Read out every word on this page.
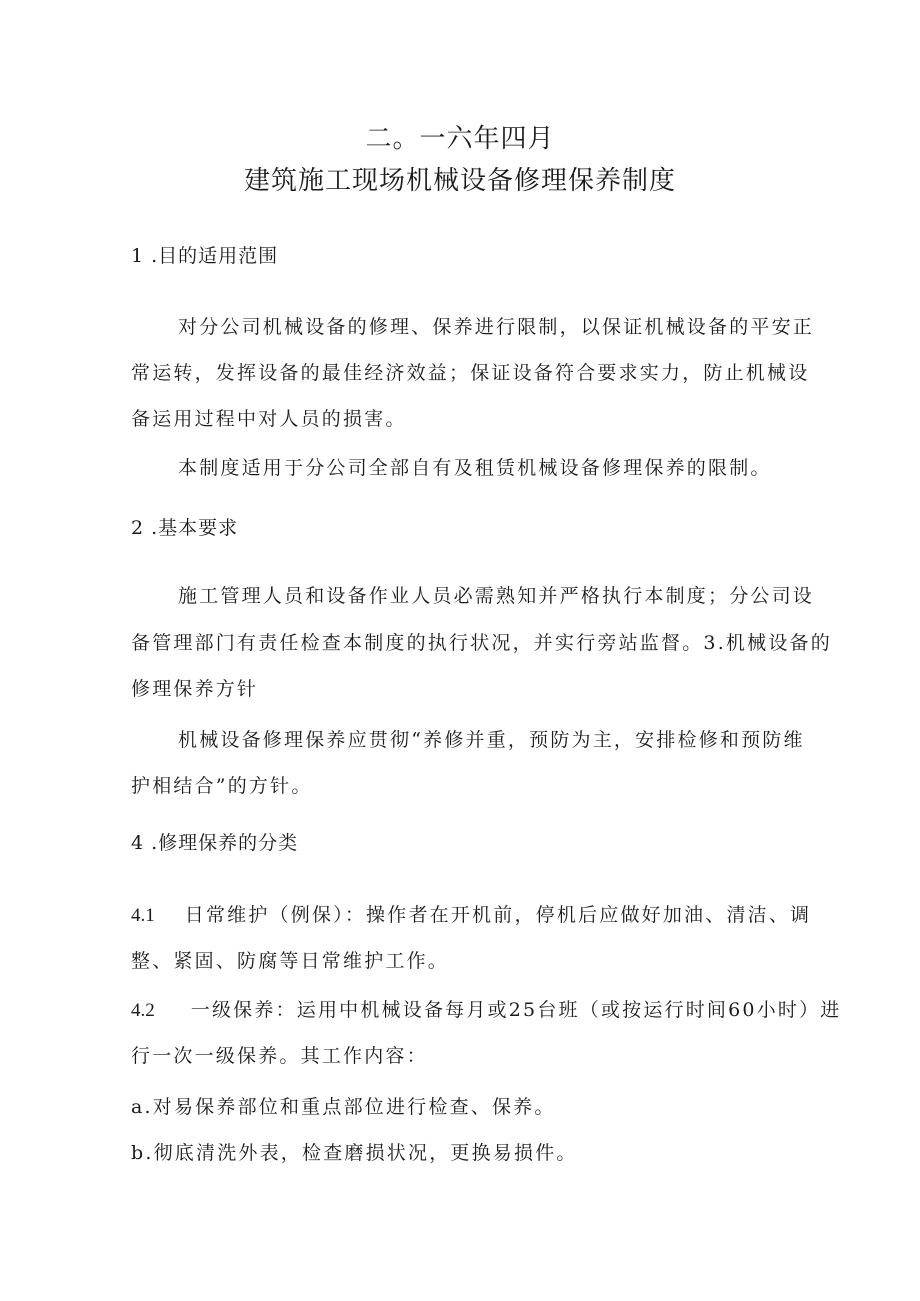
二。一六年四月
建筑施工现场机械设备修理保养制度
1 .目的适用范围
对分公司机械设备的修理、保养进行限制，以保证机械设备的平安正
常运转，发挥设备的最佳经济效益；保证设备符合要求实力，防止机械设
备运用过程中对人员的损害。
本制度适用于分公司全部自有及租赁机械设备修理保养的限制。
2 .基本要求
施工管理人员和设备作业人员必需熟知并严格执行本制度；分公司设
备管理部门有责任检查本制度的执行状况，并实行旁站监督。3.机械设备的
修理保养方针
机械设备修理保养应贯彻“养修并重，预防为主，安排检修和预防维
护相结合”的方针。
4 .修理保养的分类
4.1 日常维护（例保）：操作者在开机前，停机后应做好加油、清洁、调
整、紧固、防腐等日常维护工作。
4.2 一级保养：运用中机械设备每月或25台班（或按运行时间60小时）进
行一次一级保养。其工作内容：
a.对易保养部位和重点部位进行检查、保养。
b.彻底清洗外表，检查磨损状况，更换易损件。
